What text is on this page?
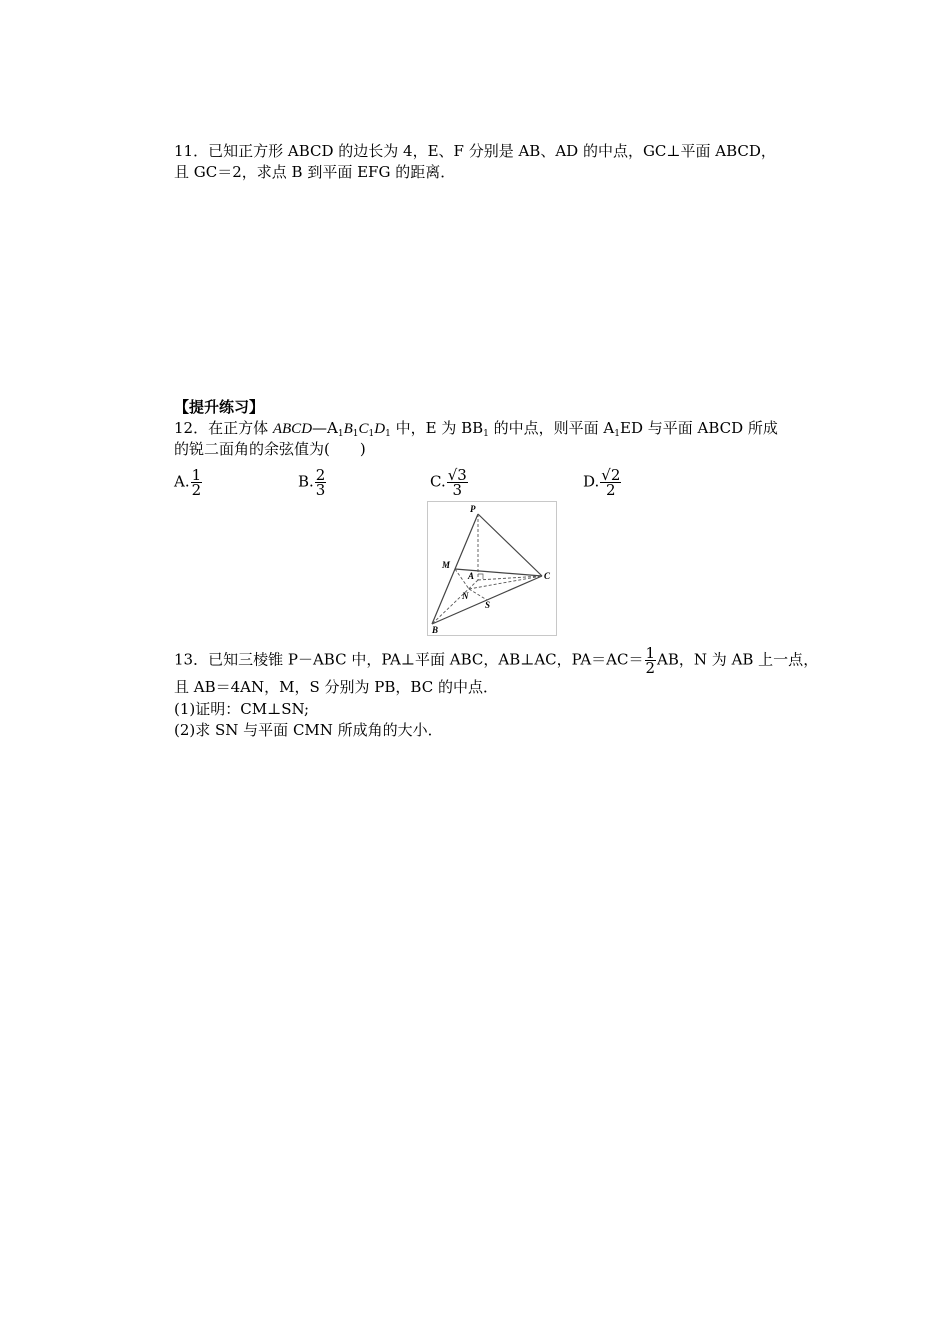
11．已知正方形 ABCD 的边长为 4，E、F 分别是 AB、AD 的中点，GC⊥平面 ABCD，
且 GC＝2，求点 B 到平面 EFG 的距离．
【提升练习】
12．在正方体 $ABCD—A_1B_1C_1D_1$ 中，E 为 $BB_1$ 的中点，则平面 $A_1ED$ 与平面 ABCD 所成
的锐二面角的余弦值为(　　)
A. $\frac{1}{2}$	B. $\frac{2}{3}$	C. $\frac{√3}{3}$	D. $\frac{√2}{2}$
P
M
A	C
N
S
B
13．已知三棱锥 P－ABC 中，PA⊥平面 ABC，AB⊥AC，$PA=AC= \frac{1}{2}$ AB，N 为 AB 上一点，
且 AB＝4AN，M，S 分别为 PB，BC 的中点．
(1)证明：CM⊥SN;
(2)求 SN 与平面 CMN 所成角的大小．
